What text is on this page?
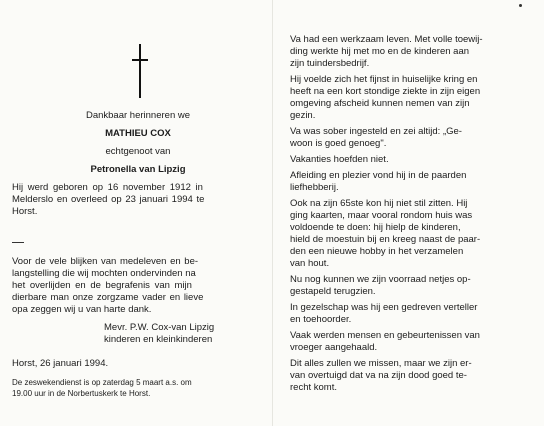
Dankbaar herinneren we
MATHIEU COX
echtgenoot van
Petronella van Lipzig
Hij werd geboren op 16 november 1912 in
Melderslo en overleed op 23 januari 1994 te
Horst.
Voor de vele blijken van medeleven en be-
langstelling die wij mochten ondervinden na
het overlijden en de begrafenis van mijn
dierbare man onze zorgzame vader en lieve
opa zeggen wij u van harte dank.
Mevr. P.W. Cox-van Lipzig
kinderen en kleinkinderen
Horst, 26 januari 1994.
De zeswekendienst is op zaterdag 5 maart a.s. om
19.00 uur in de Norbertuskerk te Horst.
Va had een werkzaam leven. Met volle toewij-
ding werkte hij met mo en de kinderen aan
zijn tuindersbedrijf.
Hij voelde zich het fijnst in huiselijke kring en
heeft na een kort stondige ziekte in zijn eigen
omgeving afscheid kunnen nemen van zijn
gezin.
Va was sober ingesteld en zei altijd: „Ge-
woon is goed genoeg".
Vakanties hoefden niet.
Afleiding en plezier vond hij in de paarden
liefhebberij.
Ook na zijn 65ste kon hij niet stil zitten. Hij
ging kaarten, maar vooral rondom huis was
voldoende te doen: hij hielp de kinderen,
hield de moestuin bij en kreeg naast de paar-
den een nieuwe hobby in het verzamelen
van hout.
Nu nog kunnen we zijn voorraad netjes op-
gestapeld terugzien.
In gezelschap was hij een gedreven verteller
en toehoorder.
Vaak werden mensen en gebeurtenissen van
vroeger aangehaald.
Dit alles zullen we missen, maar we zijn er-
van overtuigd dat va na zijn dood goed te-
recht komt.
